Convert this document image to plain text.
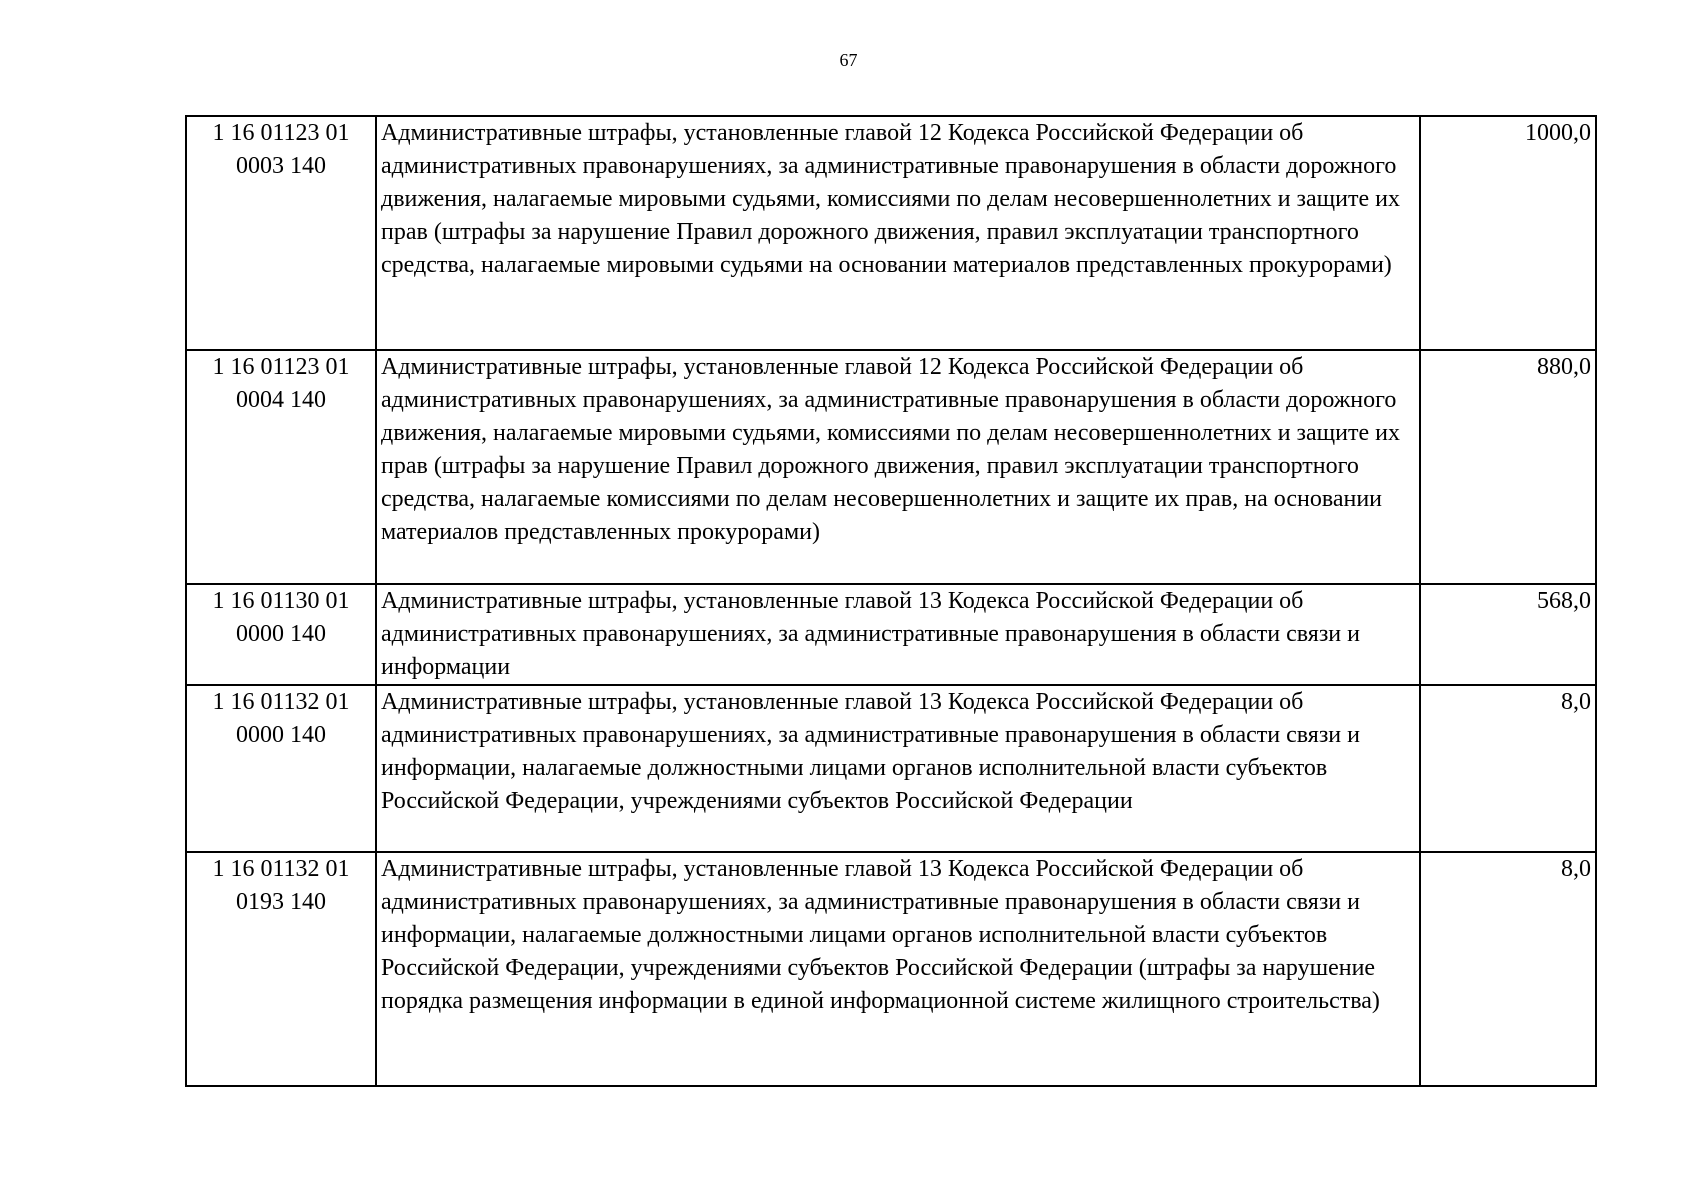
67
1 16 01123 01
0003 140	Административные штрафы, установленные главой 12 Кодекса Российской Федерации об административных правонарушениях, за административные правонарушения в области дорожного движения, налагаемые мировыми судьями, комиссиями по делам несовершеннолетних и защите их прав (штрафы за нарушение Правил дорожного движения, правил эксплуатации транспортного средства, налагаемые мировыми судьями на основании материалов представленных прокурорами)	1000,0

1 16 01123 01
0004 140	Административные штрафы, установленные главой 12 Кодекса Российской Федерации об административных правонарушениях, за административные правонарушения в области дорожного движения, налагаемые мировыми судьями, комиссиями по делам несовершеннолетних и защите их прав (штрафы за нарушение Правил дорожного движения, правил эксплуатации транспортного средства, налагаемые комиссиями по делам несовершеннолетних и защите их прав, на основании материалов представленных прокурорами)	880,0

1 16 01130 01
0000 140	Административные штрафы, установленные главой 13 Кодекса Российской Федерации об административных правонарушениях, за административные правонарушения в области связи и информации	568,0

1 16 01132 01
0000 140	Административные штрафы, установленные главой 13 Кодекса Российской Федерации об административных правонарушениях, за административные правонарушения в области связи и информации, налагаемые должностными лицами органов исполнительной власти субъектов Российской Федерации, учреждениями субъектов Российской Федерации	8,0

1 16 01132 01
0193 140	Административные штрафы, установленные главой 13 Кодекса Российской Федерации об административных правонарушениях, за административные правонарушения в области связи и информации, налагаемые должностными лицами органов исполнительной власти субъектов Российской Федерации, учреждениями субъектов Российской Федерации (штрафы за нарушение порядка размещения информации в единой информационной системе жилищного строительства)	8,0
